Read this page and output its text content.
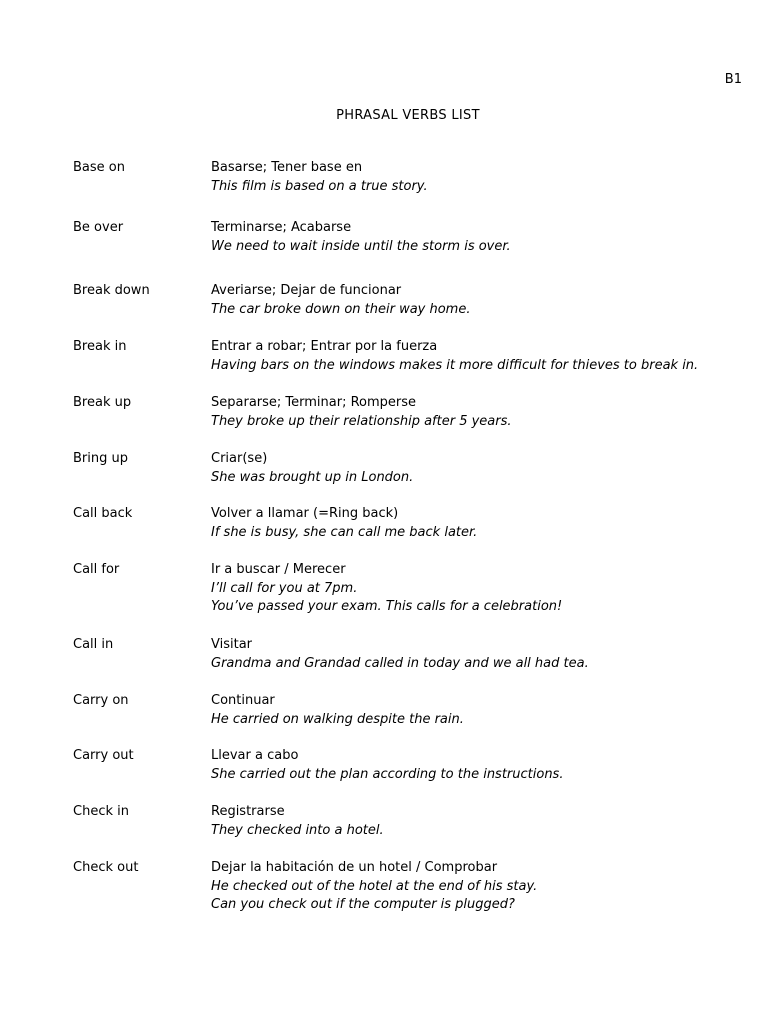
B1
PHRASAL VERBS LIST
Base on	Basarse; Tener base en
This film is based on a true story.
Be over	Terminarse; Acabarse
We need to wait inside until the storm is over.
Break down	Averiarse; Dejar de funcionar
The car broke down on their way home.
Break in	Entrar a robar; Entrar por la fuerza
Having bars on the windows makes it more difficult for thieves to break in.
Break up	Separarse; Terminar; Romperse
They broke up their relationship after 5 years.
Bring up	Criar(se)
She was brought up in London.
Call back	Volver a llamar (=Ring back)
If she is busy, she can call me back later.
Call for	Ir a buscar / Merecer
I’ll call for you at 7pm.
You’ve passed your exam. This calls for a celebration!
Call in	Visitar
Grandma and Grandad called in today and we all had tea.
Carry on	Continuar
He carried on walking despite the rain.
Carry out	Llevar a cabo
She carried out the plan according to the instructions.
Check in	Registrarse
They checked into a hotel.
Check out	Dejar la habitación de un hotel / Comprobar
He checked out of the hotel at the end of his stay.
Can you check out if the computer is plugged?
